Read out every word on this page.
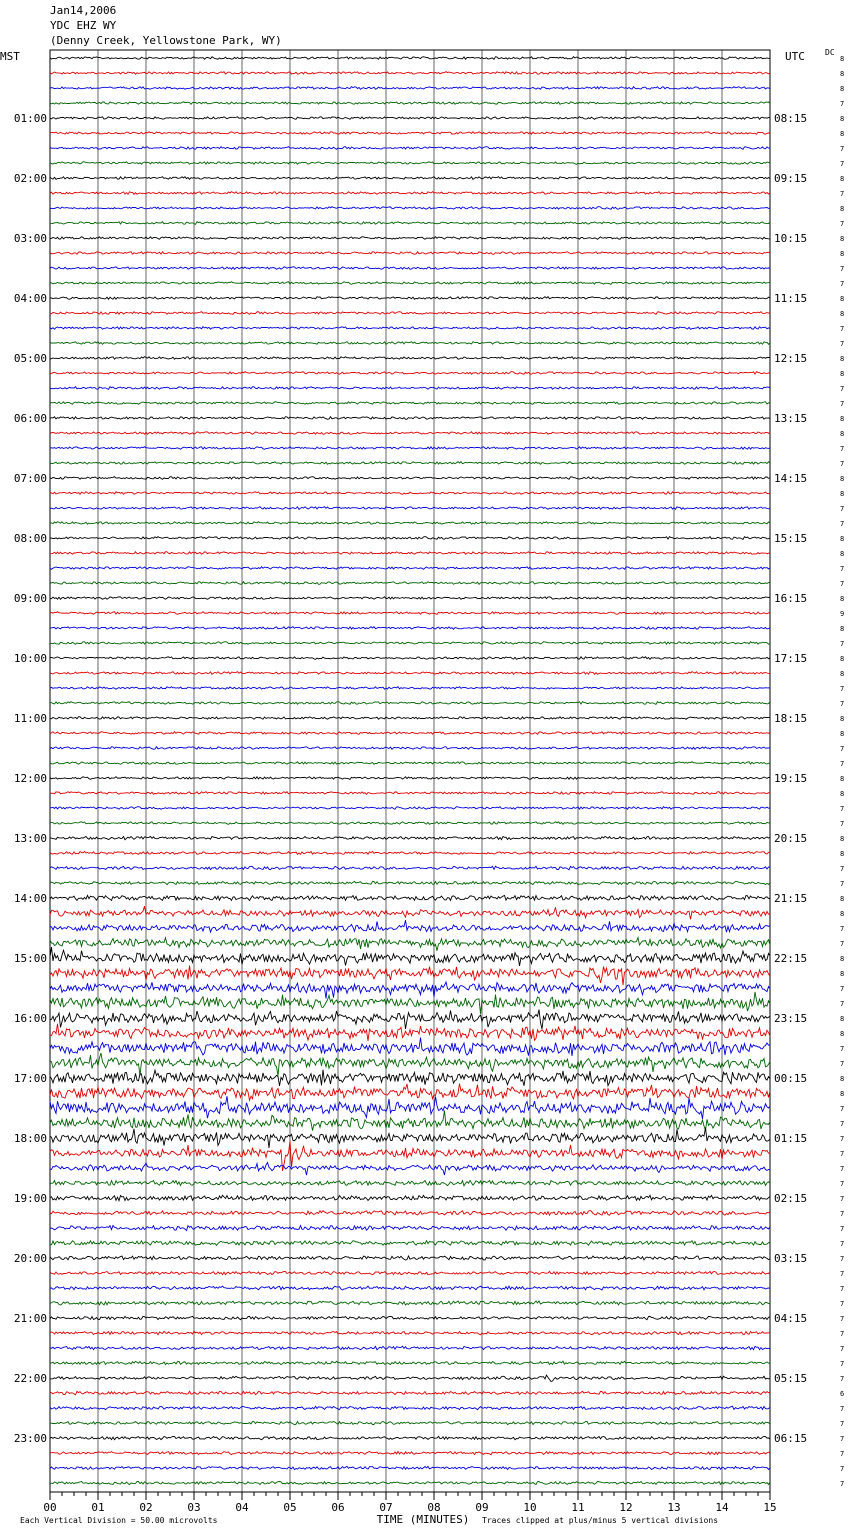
Jan14,2006
YDC EHZ WY
(Denny Creek, Yellowstone Park, WY)
MST	UTC	DC
01:00
02:00
03:00
04:00
05:00
06:00
07:00
08:00
09:00
10:00
11:00
12:00
13:00
14:00
15:00
16:00
17:00
18:00
19:00
20:00
21:00
22:00
23:00
08:15
09:15
10:15
11:15
12:15
13:15
14:15
15:15
16:15
17:15
18:15
19:15
20:15
21:15
22:15
23:15
00:15
01:15
02:15
03:15
04:15
05:15
06:15
8
8
8
7
8
8
7
7
8
7
8
7
8
8
7
7
8
8
7
7
8
8
7
7
8
8
7
7
8
8
7
7
8
8
7
7
8
9
8
7
8
8
7
7
8
8
7
7
8
8
7
7
8
8
7
7
8
8
7
7
8
8
7
7
8
8
7
7
8
8
7
7
7
7
7
7
7
7
7
7
7
7
7
7
7
7
7
7
7
6
7
7
7
7
7
7
00	01	02	03	04	05	06	07	08	09	10	11	12	13	14	15
TIME (MINUTES)
Each Vertical Division = 50.00 microvolts	Traces clipped at plus/minus 5 vertical divisions
